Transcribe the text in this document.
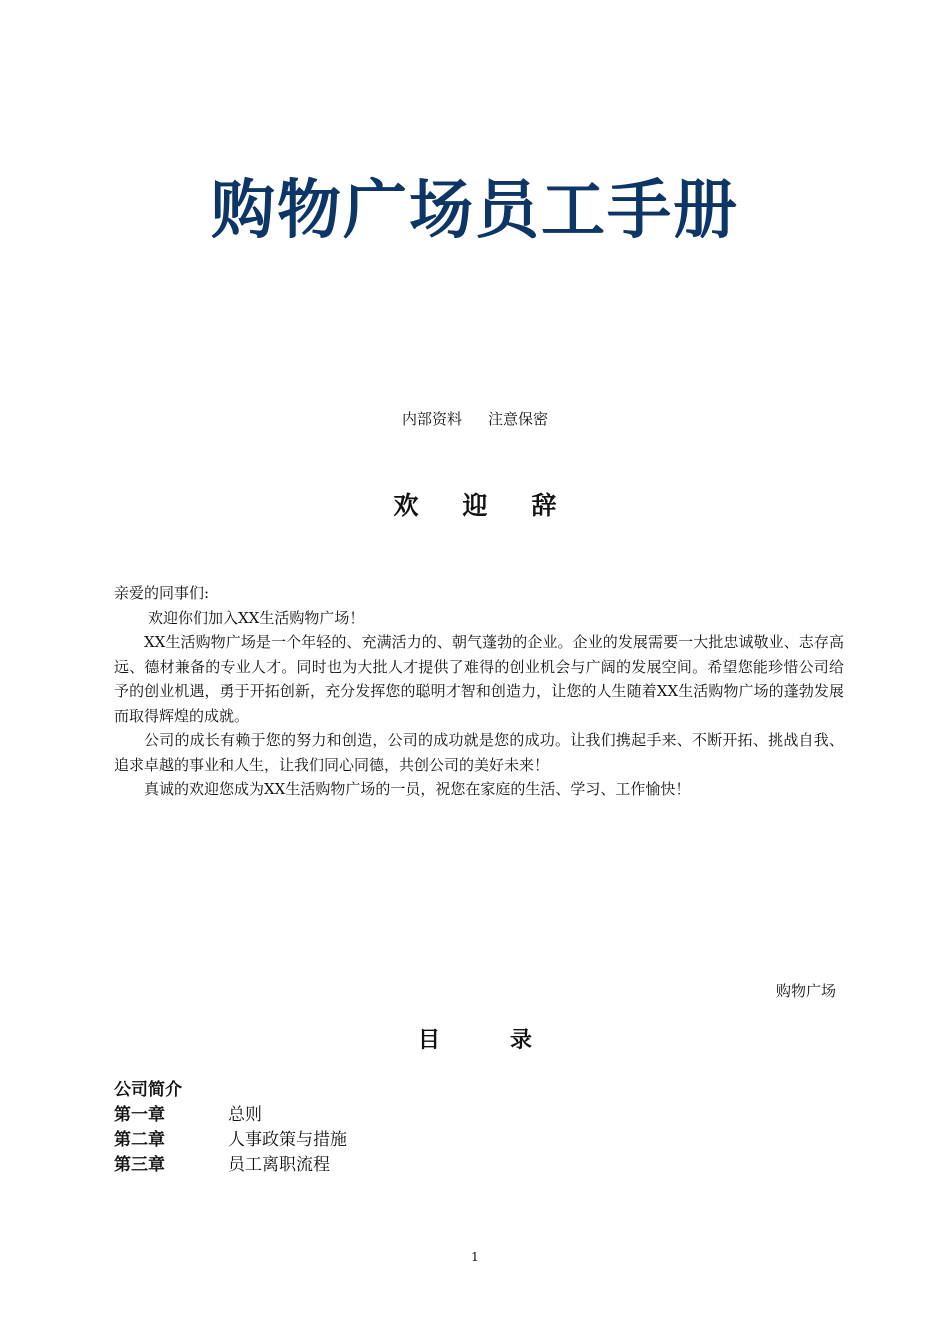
购物广场员工手册
内部资料 注意保密
欢迎辞

亲爱的同事们:

欢迎你们加入XX生活购物广场！

XX生活购物广场是一个年轻的、充满活力的、朝气蓬勃的企业。企业的发展需要一大批忠诚敬业、志存高远、德材兼备的专业人才。同时也为大批人才提供了难得的创业机会与广阔的发展空间。希望您能珍惜公司给予的创业机遇，勇于开拓创新，充分发挥您的聪明才智和创造力，让您的人生随着XX生活购物广场的蓬勃发展而取得辉煌的成就。

公司的成长有赖于您的努力和创造，公司的成功就是您的成功。让我们携起手来、不断开拓、挑战自我、追求卓越的事业和人生，让我们同心同德，共创公司的美好未来！

真诚的欢迎您成为XX生活购物广场的一员，祝您在家庭的生活、学习、工作愉快！

购物广场
目录
公司简介
第一章	总则
第二章	人事政策与措施
第三章	员工离职流程
1
